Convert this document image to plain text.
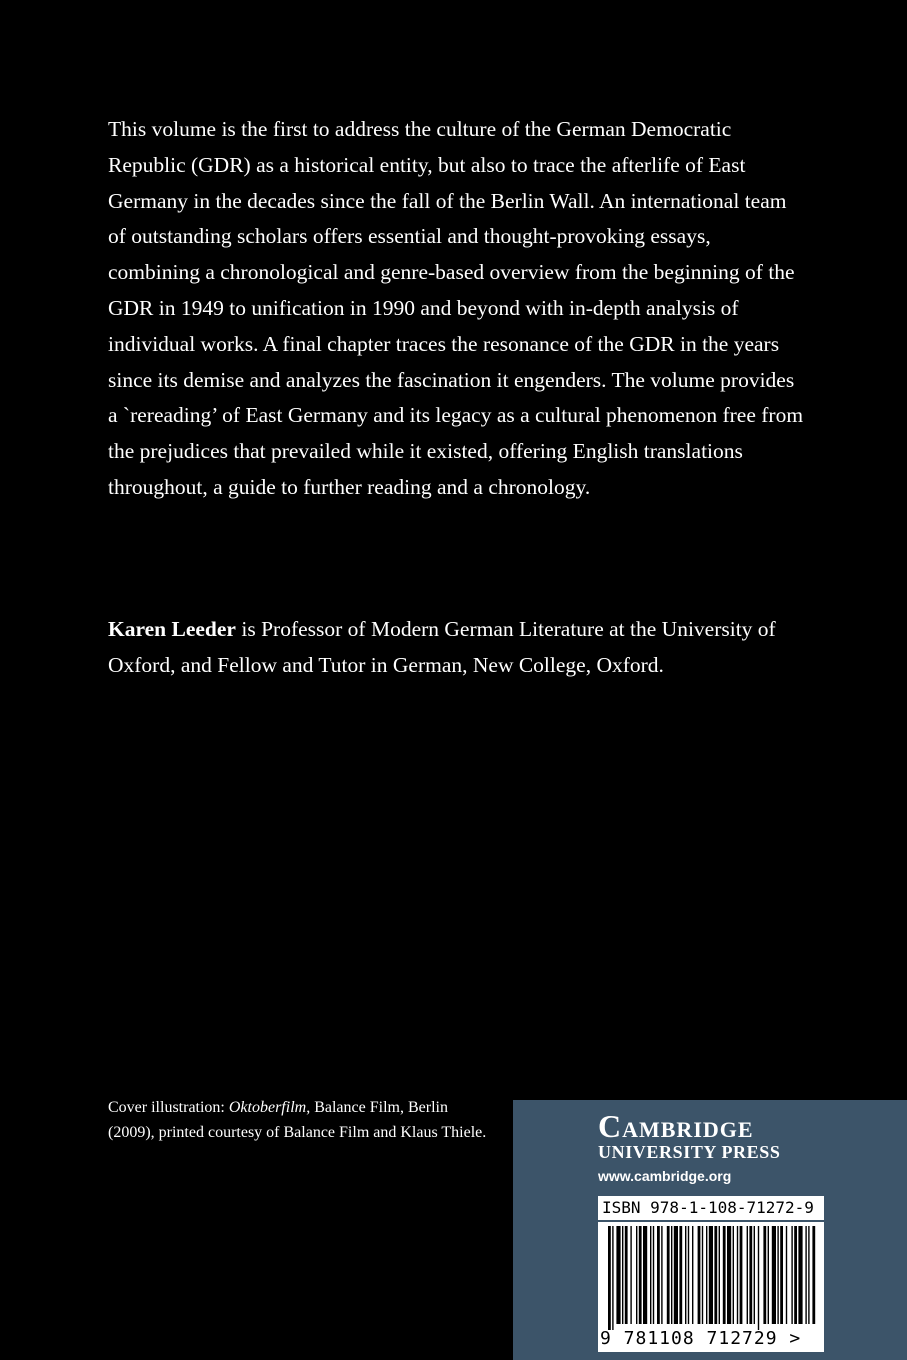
This volume is the first to address the culture of the German Democratic Republic (GDR) as a historical entity, but also to trace the afterlife of East Germany in the decades since the fall of the Berlin Wall. An international team of outstanding scholars offers essential and thought-provoking essays, combining a chronological and genre-based overview from the beginning of the GDR in 1949 to unification in 1990 and beyond with in-depth analysis of individual works. A final chapter traces the resonance of the GDR in the years since its demise and analyzes the fascination it engenders. The volume provides a `rereading’ of East Germany and its legacy as a cultural phenomenon free from the prejudices that prevailed while it existed, offering English translations throughout, a guide to further reading and a chronology.

Karen Leeder is Professor of Modern German Literature at the University of Oxford, and Fellow and Tutor in German, New College, Oxford.

Cover illustration: Oktoberfilm, Balance Film, Berlin (2009), printed courtesy of Balance Film and Klaus Thiele.	Cambridge
UNIVERSITY PRESS
www.cambridge.org
ISBN 978-1-108-71272-9
9 781108 712729 >
